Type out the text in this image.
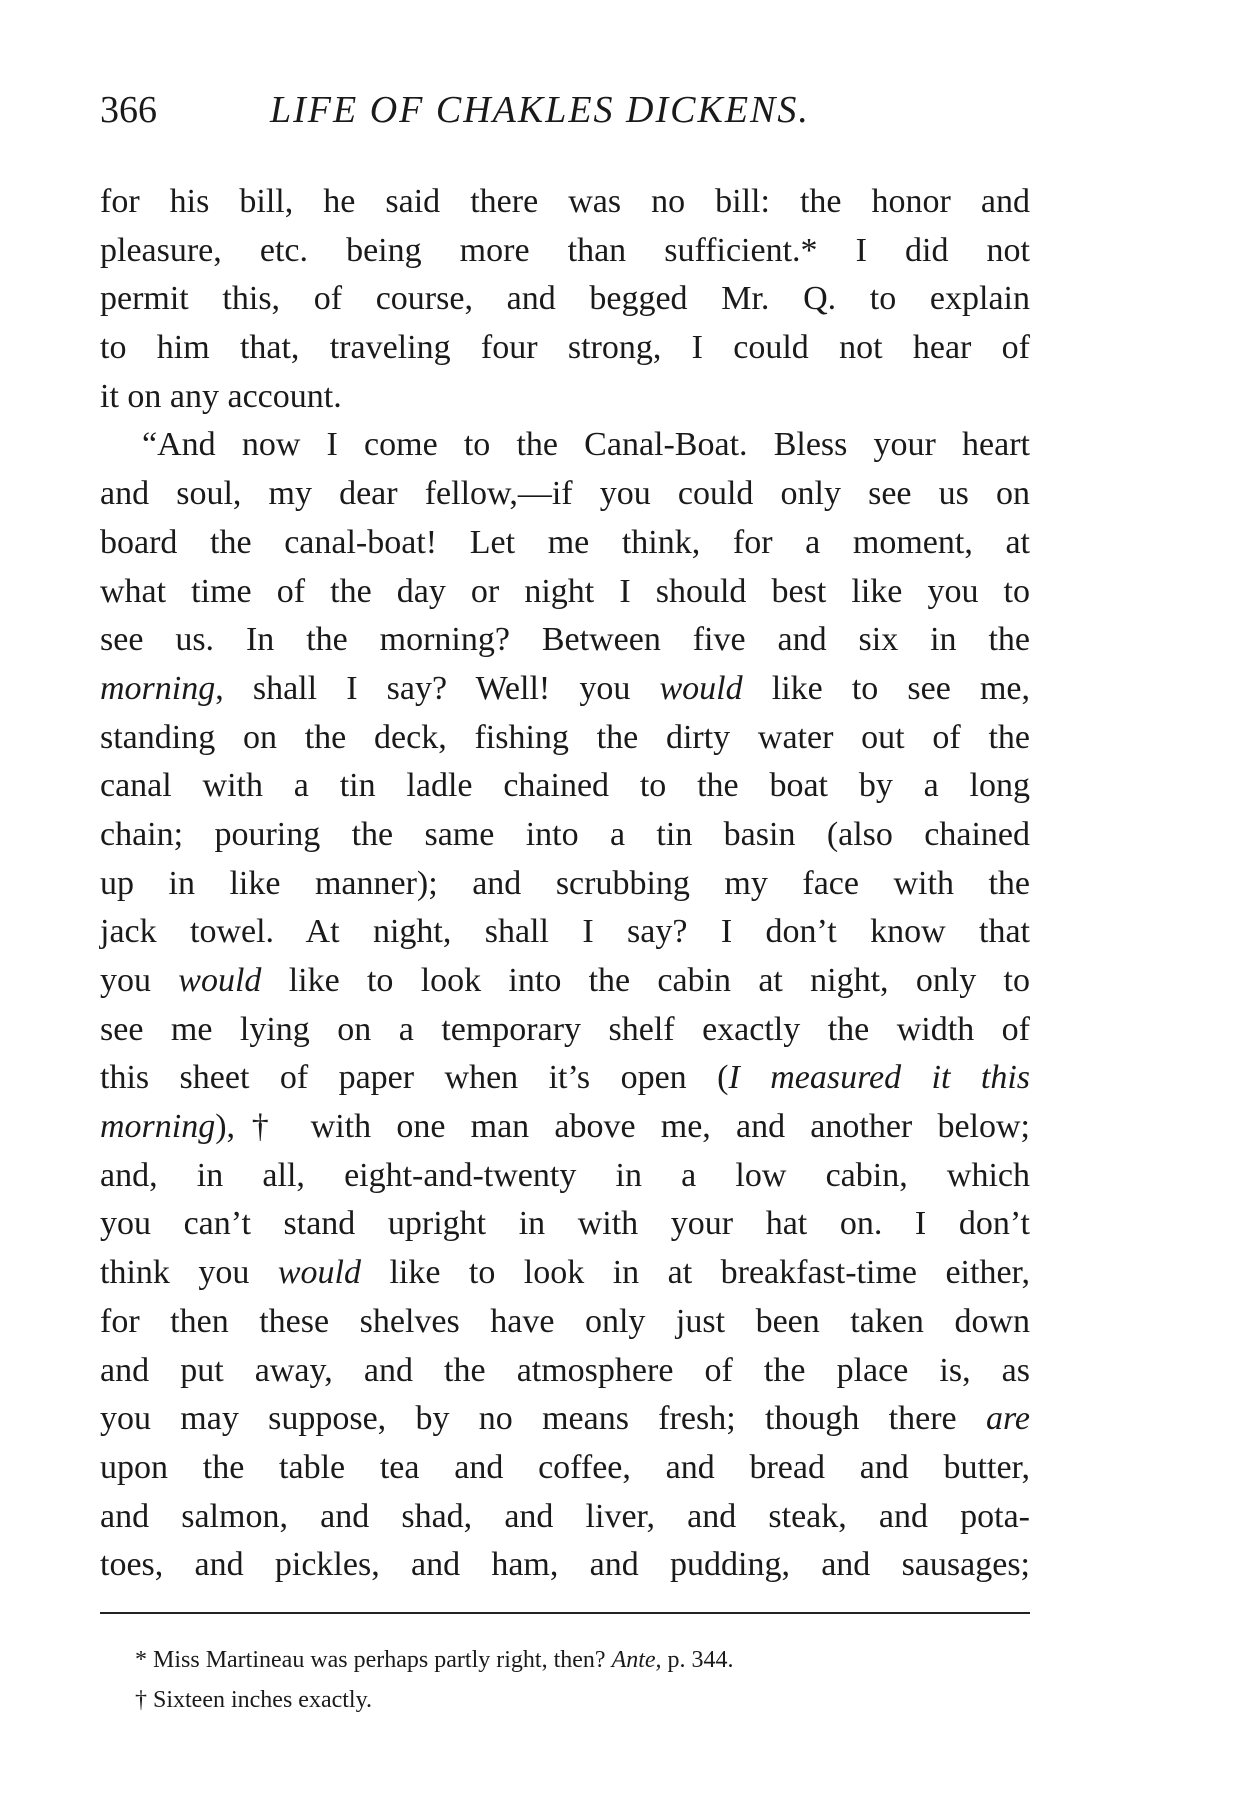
366	LIFE OF CHAKLES DICKENS.
for his bill, he said there was no bill: the honor and
pleasure, etc. being more than sufficient.* I did not
permit this, of course, and begged Mr. Q. to explain
to him that, traveling four strong, I could not hear of
it on any account.
“And now I come to the Canal-Boat. Bless your heart
and soul, my dear fellow,—if you could only see us on
board the canal-boat! Let me think, for a moment, at
what time of the day or night I should best like you to
see us. In the morning? Between five and six in the
morning, shall I say? Well! you would like to see me,
standing on the deck, fishing the dirty water out of the
canal with a tin ladle chained to the boat by a long
chain; pouring the same into a tin basin (also chained
up in like manner); and scrubbing my face with the
jack towel. At night, shall I say? I don’t know that
you would like to look into the cabin at night, only to
see me lying on a temporary shelf exactly the width of
this sheet of paper when it’s open (I measured it this
morning),† with one man above me, and another below;
and, in all, eight-and-twenty in a low cabin, which
you can’t stand upright in with your hat on. I don’t
think you would like to look in at breakfast-time either,
for then these shelves have only just been taken down
and put away, and the atmosphere of the place is, as
you may suppose, by no means fresh; though there are
upon the table tea and coffee, and bread and butter,
and salmon, and shad, and liver, and steak, and pota-
toes, and pickles, and ham, and pudding, and sausages;
* Miss Martineau was perhaps partly right, then? Ante, p. 344.
† Sixteen inches exactly.
